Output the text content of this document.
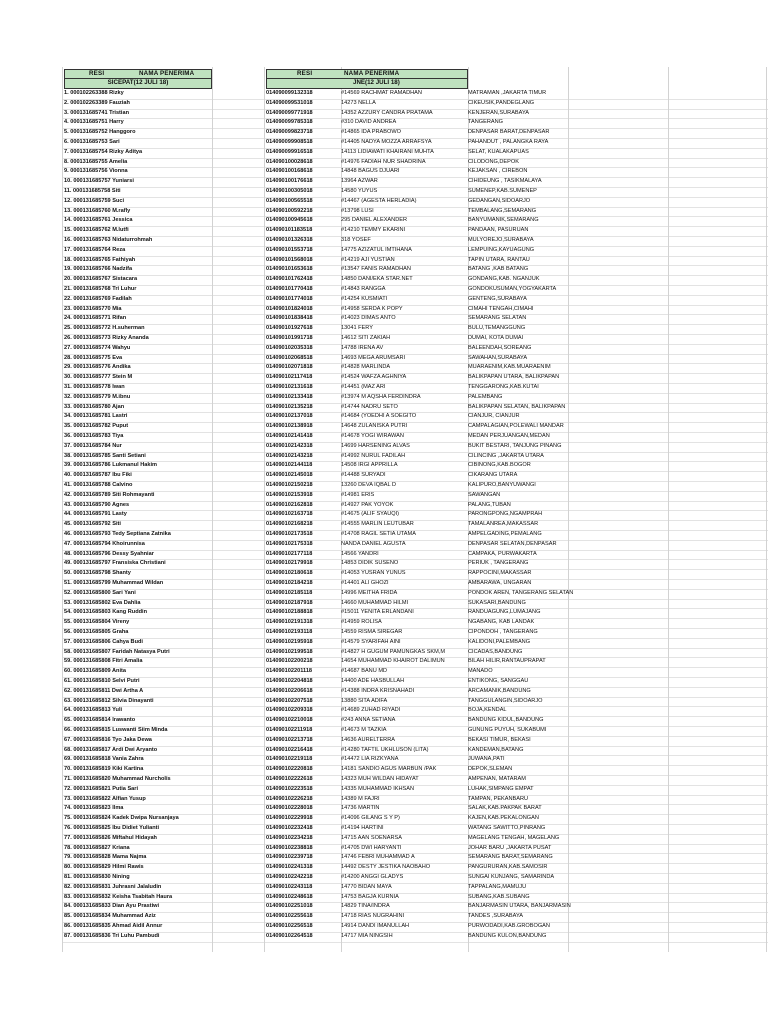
RESI	NAMA PENERIMA
SICEPAT(12 JULI 18)
RESI	NAMA PENERIMA
JNE(12 JULI 18)
1. 000102263388 Rizky	014090099132318	#14569 RACHMAT RAMADHAN	MATRAMAN ,JAKARTA TIMUR
2. 000102263389 Fauziah	014090099531018	14273 NELLA	CIKEUSIK,PANDEGLANG
3. 000131685741 Tristian	014090099771918	14352 AZZURY CANDRA PRATAMA	KENJERAN,SURABAYA
4. 000131685751 Harry	014090099785318	#310 DAVID ANDREA	TANGERANG
5. 000131685752 Hanggoro	014090099823718	#14865 IDA PRABOWO	DENPASAR BARAT,DENPASAR
6. 000131685753 Sari	014090099908518	#14405 NADYA MOZZA ARRAFSYA	PAHANDUT , PALANGKA RAYA
7. 000131685754 Rizky Aditya	014090099916518	14113 LIDIAWATI KHAIRANI MUHTA	SELAT, KUALAKAPUAS
8. 000131685755 Amelia	014090100028618	#14976 FADIAH NUR SHADRINA	CILODONG,DEPOK
9. 000131685756 Vionna	014090100168618	14848 BAGUS DJUARI	KEJAKSAN , CIREBON
10. 000131685757 Yuniarsi	014090100176618	13964 AZWAR	CIHIDEUNG , TASIKMALAYA
11. 000131685758 Siti	014090100305018	14580 YUYUS	SUMENEP,KAB.SUMENEP
12. 000131685759 Suci	014090100565518	#14467 (AGESTA HERLADIA)	GEDANGAN,SIDOARJO
13. 000131685760 M.rafly	014090100592218	#13798 LUSI	TEMBALANG,SEMARANG
14. 000131685761 Jessica	014090100945618	295 DANIEL ALEXANDER	BANYUMANIK,SEMARANG
15. 000131685762 M.lutfi	014090101183518	#14210 TEMMY EKARINI	PANDAAN, PASURUAN
16. 000131685763 Nidaturrohmah	014090101326318	318 YOSEF	MULYOREJO,SURABAYA
17. 000131685764 Reza	014090101553718	14775 AZIZATUL IMTIHANA	LEMPUING,KAYUAGUNG
18. 000131685765 Fathiyah	014090101568018	#14219 AJI YUSTIAN	TAPIN UTARA, RANTAU
19. 000131685766 Nadzifa	014090101653618	#13547 FANIS RAMADHAN	BATANG ,KAB BATANG
20. 000131685767 Sistacara	014090101762418	14850 DANI/EKA STAR.NET	GONDANG,KAB. NGANJUK
21. 000131685768 Tri Luhur	014090101770418	#14843 RANGGA	GONDOKUSUMAN,YOGYAKARTA
22. 000131685769 Fadilah	014090101774018	#14254 KUSMIATI	GENTENG,SURABAYA
23. 000131685770 Mia	014090101824018	#14958 SERDA K POPY	CIMAHI TENGAH,CIMAHI
24. 000131685771 Rifan	014090101838418	#14023 DIMAS ANTO	SEMARANG SELATAN
25. 000131685772 H.suherman	014090101927618	13041 FERY	BULU,TEMANGGUNG
26. 000131685773 Rizky Ananda	014090101991718	14612 SITI ZAKIAH	DUMAI, KOTA DUMAI
27. 000131685774 Wahyu	014090102035318	14788 IRENA AV	BALEENDAH,SOREANG
28. 000131685775 Eva	014090102068518	14693 MEGA ARUMSARI	SAWAHAN,SURABAYA
29. 000131685776 Andika	014090102071818	#14828 MARLINDA	MUARAENIM,KAB.MUARAENIM
30. 000131685777 Stein M	014090102117418	#14524 WAFZA AGHNIYA	BALIKPAPAN UTARA, BALIKPAPAN
31. 000131685778 Iwan	014090102131618	#14451 (MAZ ARI	TENGGARONG,KAB.KUTAI
32. 000131685779 M.ibnu	014090102133418	#13974 M AQSHA FERDINDRA	PALEMBANG
33. 000131685780 Ajan	014090102135218	#14744 NADRU SETO	BALIKPAPAN SELATAN, BALIKPAPAN
34. 000131685781 Lastri	014090102137018	#14684 (YOEDHI A SOEGITO	CIANJUR, CIANJUR
35. 000131685782 Puput	014090102138918	14648 ZULANISKA PUTRI	CAMPALAGIAN,POLEWALI MANDAR
36. 000131685783 Tiya	014090102141418	#14678 YOGI WIRAWAN	MEDAN PERJUANGAN,MEDAN
37. 000131685784 Nur	014090102142318	14699 HARSENING ALVAS	BUKIT BESTARI, TANJUNG PINANG
38. 000131685785 Santi Setiani	014090102143218	#14992 NURUL FADILAH	CILINCING ,JAKARTA UTARA
39. 000131685786 Lukmanul Hakim	014090102144118	14508 IRGI APPRILLA	CIBINONG,KAB.BOGOR
40. 000131685787 Ibu Fiki	014090102145018	#14488 SURYADI	CIKARANG UTARA
41. 000131685788 Calvino	014090102150218	13260 DEVA IQBAL D	KALIPURO,BANYUWANGI
42. 000131685789 Siti Rohmayanti	014090102153918	#14981 ERIS	SAWANGAN
43. 000131685790 Agnes	014090102162818	#14927 PAK YOYOK	PALANG,TUBAN
44. 000131685791 Lasty	014090102163718	#14675 (ALIF SYAUQI)	PARONGPONG,NGAMPRAH
45. 000131685792 Siti	014090102168218	#14555 MARLIN LEUTUBAR	TAMALANREA,MAKASSAR
46. 000131685793 Tedy Septiana Zatnika	014090102173518	#14708 RAGIL SETIA UTAMA	AMPELGADING,PEMALANG
47. 000131685794 Khoirunnisa	014090102175318	NANDA DANIEL AGUSTA	DENPASAR SELATAN,DENPASAR
48. 000131685796 Dessy Syahniar	014090102177118	14566 YANDRI	CAMPAKA, PURWAKARTA
49. 000131685797 Fransiska Christiani	014090102179918	14853 DIDIK SUSENO	PERIUK , TANGERANG
50. 000131685798 Shanty	014090102180618	#14053 YUSRAN YUNUS	RAPPOCINI,MAKASSAR
51. 000131685799 Muhammad Wildan	014090102184218	#14401 ALI GHOZI	AMBARAWA, UNGARAN
52. 000131685800 Sari Yani	014090102185118	14996 MEITHA FRIDA	PONDOK AREN, TANGERANG SELATAN
53. 000131685802 Eva Dahlia	014090102187918	14660 MUHAMMAD HILMI	SUKASARI,BANDUNG
54. 000131685803 Kang Ruddin	014090102188818	#15011 YENITA ERLANDANI	RANDUAGUNG,LUMAJANG
55. 000131685804 Vireny	014090102191318	#14959 ROLISA	NGABANG, KAB LANDAK
56. 000131685805 Graha	014090102193118	14559 RISMA SIREGAR	CIPONDOH , TANGERANG
57. 000131685806 Cahya Budi	014090102195918	#14579 SYARIFAH AINI	KALIDONI,PALEMBANG
58. 000131685807 Faridah Natasya Putri	014090102199518	#14827 H GUGUM PAMUNGKAS SKM,M	CICADAS,BANDUNG
59. 000131685808 Fitri Amalia	014090102200218	14654 MUHAMMAD KHAIROT DALIMUN	BILAH HILIR,RANTAUPRAPAT
60. 000131685809 Anita	014090102201118	#14687 BANU MD	MANADO
61. 000131685810 Selvi Putri	014090102204818	14400 ADE HASBULLAH	ENTIKONG, SANGGAU
62. 000131685811 Dwi Artha A	014090102206618	#14388 INDRA KRISNAHADI	ARCAMANIK,BANDUNG
63. 000131685812 Silvia Dinayanti	014090102207518	13880 SITA ADIFA	TANGGULANGIN,SIDOARJO
64. 000131685813 Yuli	014090102209318	#14689 ZUHAD RIYADI	BOJA,KENDAL
65. 000131685814 Irawanto	014090102210018	#243 ANNA SETIANA	BANDUNG KIDUL,BANDUNG
66. 000131685815 Luswanti Siim Minda	014090102211918	#14673 M TAZKIA	GUNUNG PUYUH, SUKABUMI
67. 000131685816 Tyo Jaka Dewa	014090102213718	14636 AURELTERRA	BEKASI TIMUR, BEKASI
68. 000131685817 Ardi Dwi Aryanto	014090102216418	#14280 TAFTIL UKHLUSON (LITA)	KANDEMAN,BATANG
69. 000131685818 Vania Zahra	014090102219118	#14472 LIA RIZKYANA	JUWANA,PATI
70. 000131685819 Kiki Kartina	014090102220818	14181 SANDIO AGUS MARBUN /PAK	DEPOK,SLEMAN
71. 000131685820 Muhammad Nurcholis	014090102222618	14323 MUH WILDAN HIDAYAT	AMPENAN, MATARAM
72. 000131685821 Putia Sari	014090102223518	14335 MUHAMMAD IKHSAN	LUHAK,SIMPANG EMPAT
73. 000131685822 Alfian Yusup	014090102226218	14389 M FAJRI	TAMPAN, PEKANBARU
74. 000131685823 Ilma	014090102228018	14736 MARTIN	SALAK,KAB.PAKPAK BARAT
75. 000131685824 Kadek Dwipa Nursanjaya	014090102229918	#14096 GILANG S Y P)	KAJEN,KAB.PEKALONGAN
76. 000131685825 Ibu Didiet Yulianti	014090102232418	#14194 HARTINI	WATANG SAWITTO,PINRANG
77. 000131685826 Miftahul Hidayah	014090102234218	14715 AAN SOENARSA	MAGELANG TENGAH, MAGELANG
78. 000131685827 Kriana	014090102238818	#14705 DWI HARYANTI	JOHAR BARU ,JAKARTA PUSAT
79. 000131685828 Mama Najma	014090102239718	14746 FEBRI MUHAMMAD A	SEMARANG BARAT,SEMARANG
80. 000131685829 Hilmi Rawis	014090102241318	14492 DESTY JESTIKA NAOBAHO	PANGURURAN,KAB.SAMOSIR
81. 000131685830 Nining	014090102242218	#14200 ANGGI GLADYS	SUNGAI KUNJANG, SAMARINDA
82. 000131685831 Juhrasni Jalaludin	014090102243118	14770 BIDAN MAYA	TAPPALANG,MAMUJU
83. 000131685832 Keisha Tsabitah Haura	014090102248618	14753 BAGJA KURNIA	SUBANG,KAB.SUBANG
84. 000131685833 Dian Ayu Prastiwi	014090102251018	14829 TINA/INDRA	BANJARMASIN UTARA, BANJARMASIN
85. 000131685834 Muhammad Aziz	014090102255618	14718 RIAS NUGRAHINI	TANDES ,SURABAYA
86. 000131685835 Ahmad Aidil Annur	014090102256518	14914 DANDI IMANULLAH	PURWODADI,KAB.GROBOGAN
87. 000131685836 Tri Luhu Pambudi	014090102264518	14717 MIA NINGSIH	BANDUNG KULON,BANDUNG
